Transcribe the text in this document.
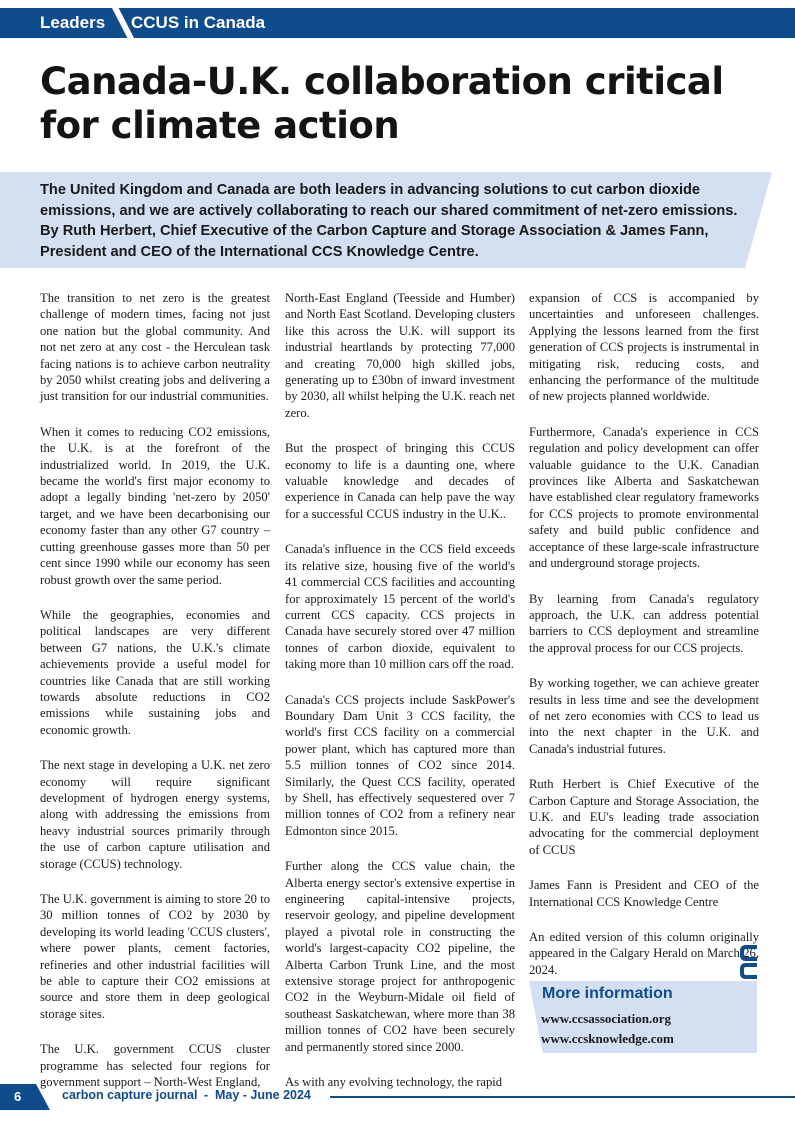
Leaders CCUS in Canada

Canada-U.K. collaboration critical for climate action

The United Kingdom and Canada are both leaders in advancing solutions to cut carbon dioxide emissions, and we are actively collaborating to reach our shared commitment of net-zero emissions. By Ruth Herbert, Chief Executive of the Carbon Capture and Storage Association & James Fann, President and CEO of the International CCS Knowledge Centre.

The transition to net zero is the greatest challenge of modern times, facing not just one nation but the global community. And not net zero at any cost - the Herculean task facing nations is to achieve carbon neutrality by 2050 whilst creating jobs and delivering a just transition for our industrial communities.

When it comes to reducing CO2 emissions, the U.K. is at the forefront of the industrialized world. In 2019, the U.K. became the world's first major economy to adopt a legally binding 'net-zero by 2050' target, and we have been decarbonising our economy faster than any other G7 country – cutting greenhouse gasses more than 50 per cent since 1990 while our economy has seen robust growth over the same period.

While the geographies, economies and political landscapes are very different between G7 nations, the U.K.'s climate achievements provide a useful model for countries like Canada that are still working towards absolute reductions in CO2 emissions while sustaining jobs and economic growth.

The next stage in developing a U.K. net zero economy will require significant development of hydrogen energy systems, along with addressing the emissions from heavy industrial sources primarily through the use of carbon capture utilisation and storage (CCUS) technology.

The U.K. government is aiming to store 20 to 30 million tonnes of CO2 by 2030 by developing its world leading 'CCUS clusters', where power plants, cement factories, refineries and other industrial facilities will be able to capture their CO2 emissions at source and store them in deep geological storage sites.

The U.K. government CCUS cluster programme has selected four regions for government support – North-West England,

North-East England (Teesside and Humber) and North East Scotland. Developing clusters like this across the U.K. will support its industrial heartlands by protecting 77,000 and creating 70,000 high skilled jobs, generating up to £30bn of inward investment by 2030, all whilst helping the U.K. reach net zero.

But the prospect of bringing this CCUS economy to life is a daunting one, where valuable knowledge and decades of experience in Canada can help pave the way for a successful CCUS industry in the U.K..

Canada's influence in the CCS field exceeds its relative size, housing five of the world's 41 commercial CCS facilities and accounting for approximately 15 percent of the world's current CCS capacity. CCS projects in Canada have securely stored over 47 million tonnes of carbon dioxide, equivalent to taking more than 10 million cars off the road.

Canada's CCS projects include SaskPower's Boundary Dam Unit 3 CCS facility, the world's first CCS facility on a commercial power plant, which has captured more than 5.5 million tonnes of CO2 since 2014. Similarly, the Quest CCS facility, operated by Shell, has effectively sequestered over 7 million tonnes of CO2 from a refinery near Edmonton since 2015.

Further along the CCS value chain, the Alberta energy sector's extensive expertise in engineering capital-intensive projects, reservoir geology, and pipeline development played a pivotal role in constructing the world's largest-capacity CO2 pipeline, the Alberta Carbon Trunk Line, and the most extensive storage project for anthropogenic CO2 in the Weyburn-Midale oil field of southeast Saskatchewan, where more than 38 million tonnes of CO2 have been securely and permanently stored since 2000.

As with any evolving technology, the rapid

expansion of CCS is accompanied by uncertainties and unforeseen challenges. Applying the lessons learned from the first generation of CCS projects is instrumental in mitigating risk, reducing costs, and enhancing the performance of the multitude of new projects planned worldwide.

Furthermore, Canada's experience in CCS regulation and policy development can offer valuable guidance to the U.K. Canadian provinces like Alberta and Saskatchewan have established clear regulatory frameworks for CCS projects to promote environmental safety and build public confidence and acceptance of these large-scale infrastructure and underground storage projects.

By learning from Canada's regulatory approach, the U.K. can address potential barriers to CCS deployment and streamline the approval process for our CCS projects.

By working together, we can achieve greater results in less time and see the development of net zero economies with CCS to lead us into the next chapter in the U.K. and Canada's industrial futures.

Ruth Herbert is Chief Executive of the Carbon Capture and Storage Association, the U.K. and EU's leading trade association advocating for the commercial deployment of CCUS

James Fann is President and CEO of the International CCS Knowledge Centre

An edited version of this column originally appeared in the Calgary Herald on March 26, 2024.

More information

www.ccsassociation.org

www.ccsknowledge.com

6	carbon capture journal - May - June 2024
